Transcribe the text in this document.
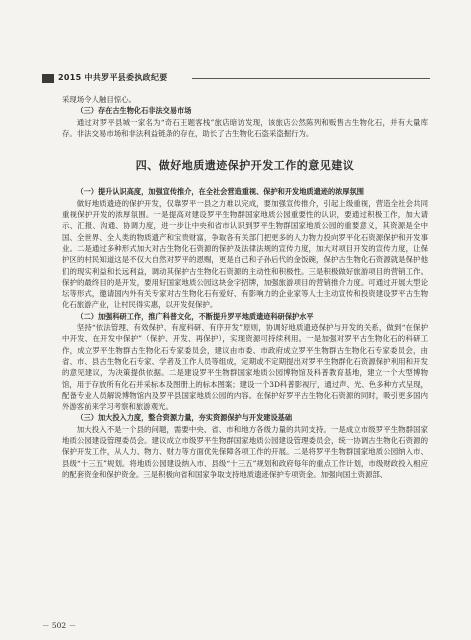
2015 中共罗平县委执政纪要

采现场令人触目惊心。

（三）存在古生物化石非法交易市场

通过对罗平县城一家名为“奇石王题客栈”旅店暗访发现，该旅店公然陈列和贩售古生物化石，并有大量库存。非法交易市场和非法利益链条的存在，助长了古生物化石盗采盗掘行为。

四、做好地质遗迹保护开发工作的意见建议

（一）提升认识高度，加强宣传推介，在全社会营造重视、保护和开发地质遗迹的浓厚氛围

做好地质遗迹的保护开发，仅靠罗平一县之力难以完成，要加强宣传推介，引起上级重视，营造全社会共同重视保护开发的浓厚氛围。一是提高对建设罗平生物群国家地质公园重要性的认识，要通过积极工作，加大请示、汇报、沟通、协调力度，进一步让中央和省市认识到罗平生物群国家地质公园的重要意义，其资源是全中国、全世界、全人类的物质遗产和宝贵财富，争取各有关部门把更多的人力物力投向罗平化石资源保护和开发事业。二是通过多种形式加大对古生物化石资源的保护及法律法规的宣传力度，加大对项目开发的宣传力度，让保护区的村民知道这是不仅大自然对罗平的恩赐，更是自己和子孙后代的金饭碗，保护古生物化石资源就是保护他们的现实利益和长远利益，调动其保护古生物化石资源的主动性和积极性。三是积极做好旅游项目的营销工作。保护的最终目的是开发，要用好国家地质公园这块金字招牌，加强旅游项目的营销推介力度。可通过开展大型论坛等形式，邀请国内外有关专家对古生物化石有爱好、有影响力的企业家等人士主动宣传和投资建设罗平古生物化石旅游产业，让村民得实惠，以开发促保护。

（二）加强科研工作，推广科普文化，不断提升罗平地质遗迹科研保护水平

坚持“依法管理、有效保护、有度科研、有序开发”原则，协调好地质遗迹保护与开发的关系，做到“在保护中开发、在开发中保护”（保护、开发、再保护），实现资源可持续利用。一是加强对罗平古生物化石的科研工作，成立罗平生物群古生物化石专家委员会，建议由市委、市政府成立罗平生物群古生物化石专家委员会，由省、市、县古生物化石专家、学者及工作人员等组成，定期或不定期提出对罗平生物群化石资源保护利用和开发的意见建议，为决策提供依据。二是建设罗平生物群国家地质公园博物馆及科普教育基地，建立一个大型博物馆，用于存放所有化石并采标本及图册上的标本图案；建设一个3D科普影视厅，通过声、光、色多种方式呈现，配备专业人员解说博物馆内及罗平县国家地质公园的内容。在保护好罗平古生物化石资源的同时，吸引更多国内外游客前来学习考察和旅游观光。

（三）加大投入力度，整合资源力量，夯实资源保护与开发建设基础

加大投入不是一个县的问题，需要中央、省、市和地方各级力量的共同支持。一是成立市级罗平生物群国家地质公园建设管理委员会。建议成立市级罗平生物群国家地质公园建设管理委员会，统一协调古生物化石资源的保护开发工作，从人力、物力、财力等方面优先保障各项工作的开展。二是将罗平生物群国家地质公园纳入市、县级“十三五”规划。将地质公园建设纳入市、县级“十三五”规划和政府每年的重点工作计划，市级财政投入相应的配套资金和保护资金。三是积极向省和国家争取支持地质遗迹保护专项资金。加强向国土资源部、

－ 502 －
